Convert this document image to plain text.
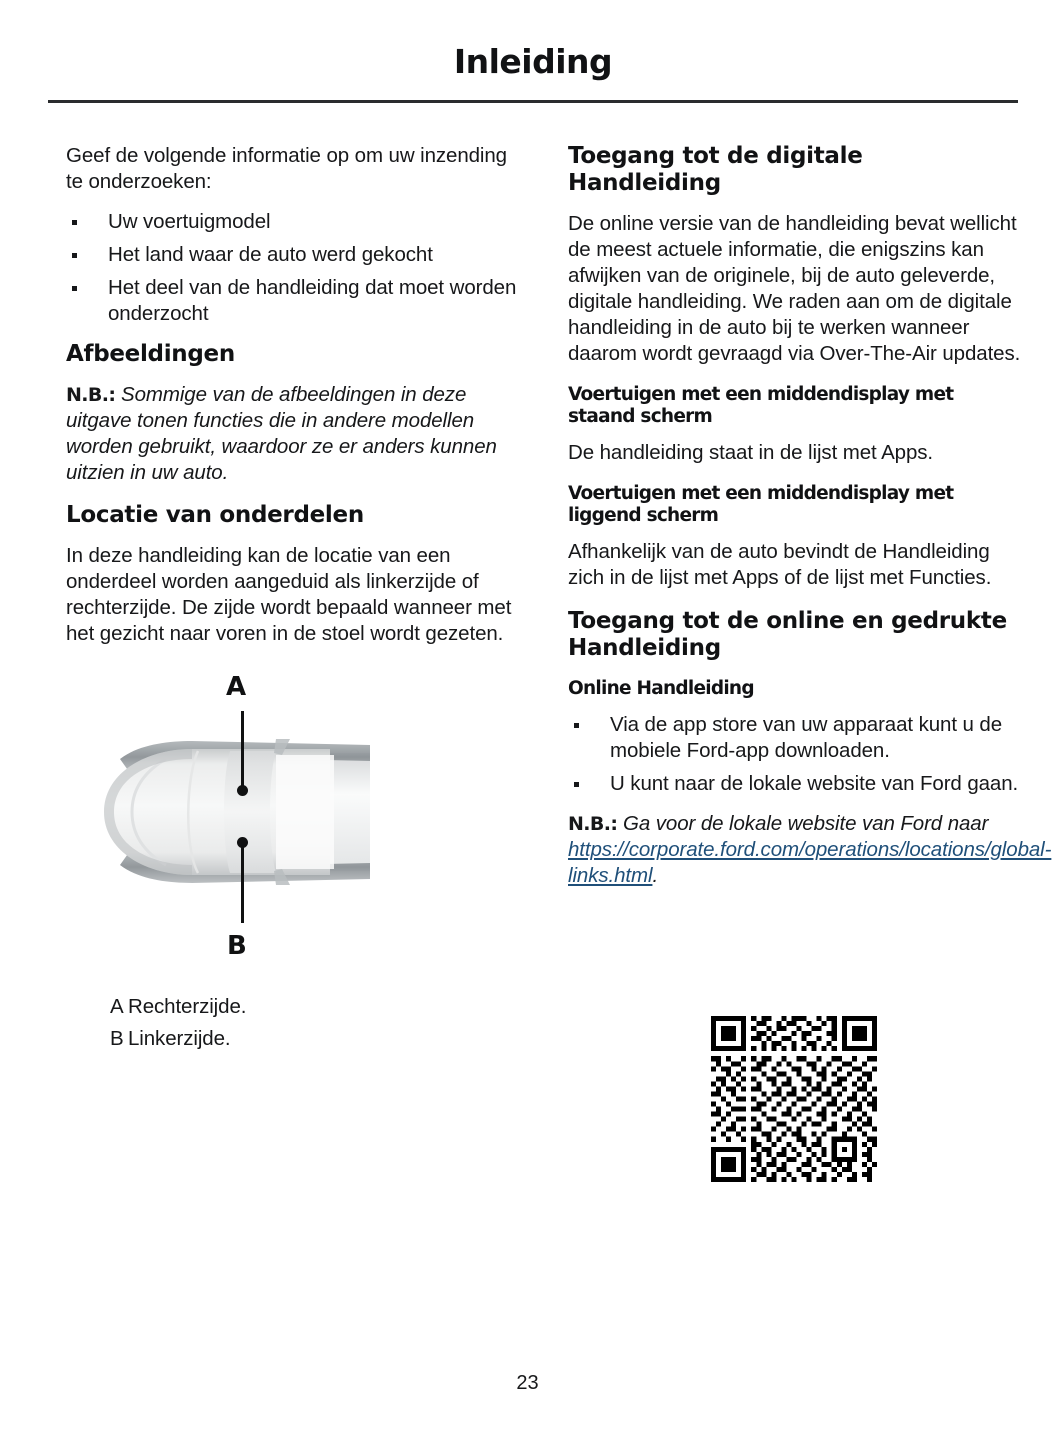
Inleiding

Geef de volgende informatie op om uw inzending te onderzoeken:

Uw voertuigmodel
Het land waar de auto werd gekocht
Het deel van de handleiding dat moet worden onderzocht
Afbeeldingen

N.B.: Sommige van de afbeeldingen in deze uitgave tonen functies die in andere modellen worden gebruikt, waardoor ze er anders kunnen uitzien in uw auto.

Locatie van onderdelen

In deze handleiding kan de locatie van een onderdeel worden aangeduid als linkerzijde of rechterzijde. De zijde wordt bepaald wanneer met het gezicht naar voren in de stoel wordt gezeten.

A
B
A Rechterzijde.
B Linkerzijde.
Toegang tot de digitale Handleiding

De online versie van de handleiding bevat wellicht de meest actuele informatie, die enigszins kan afwijken van de originele, bij de auto geleverde, digitale handleiding. We raden aan om de digitale handleiding in de auto bij te werken wanneer daarom wordt gevraagd via Over-The-Air updates.

Voertuigen met een middendisplay met staand scherm

De handleiding staat in de lijst met Apps.

Voertuigen met een middendisplay met liggend scherm

Afhankelijk van de auto bevindt de Handleiding zich in de lijst met Apps of de lijst met Functies.

Toegang tot de online en gedrukte Handleiding
Online Handleiding
Via de app store van uw apparaat kunt u de mobiele Ford-app downloaden.
U kunt naar de lokale website van Ford gaan.

N.B.: Ga voor de lokale website van Ford naar https://corporate.ford.com/operations/locations/global-links.html.

23
